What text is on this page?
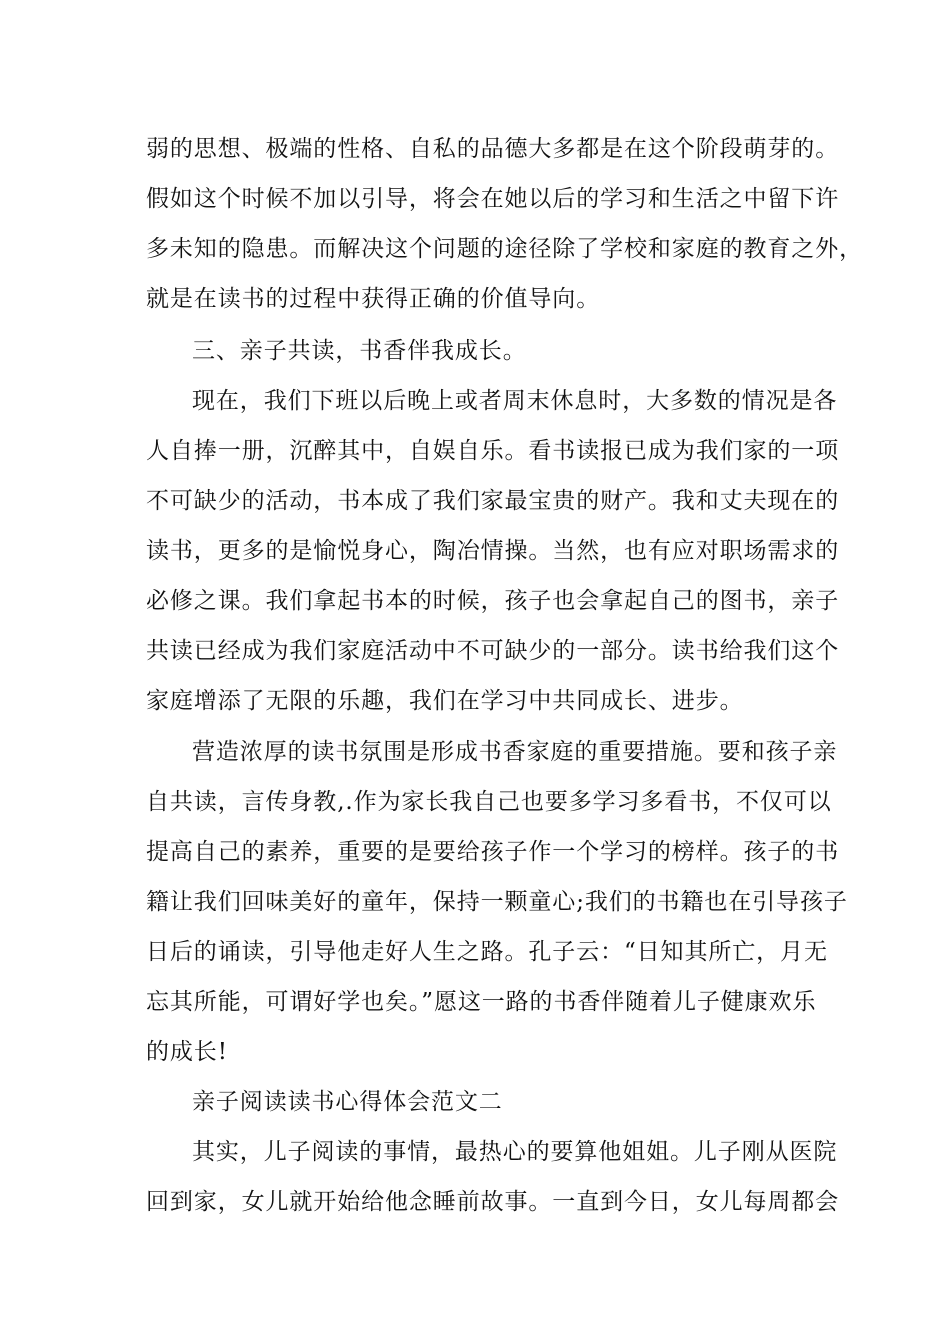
弱的思想、极端的性格、自私的品德大多都是在这个阶段萌芽的。
假如这个时候不加以引导，将会在她以后的学习和生活之中留下许
多未知的隐患。而解决这个问题的途径除了学校和家庭的教育之外，
就是在读书的过程中获得正确的价值导向。
三、亲子共读，书香伴我成长。
现在，我们下班以后晚上或者周末休息时，大多数的情况是各
人自捧一册，沉醉其中，自娱自乐。看书读报已成为我们家的一项
不可缺少的活动，书本成了我们家最宝贵的财产。我和丈夫现在的
读书，更多的是愉悦身心，陶冶情操。当然，也有应对职场需求的
必修之课。我们拿起书本的时候，孩子也会拿起自己的图书，亲子
共读已经成为我们家庭活动中不可缺少的一部分。读书给我们这个
家庭增添了无限的乐趣，我们在学习中共同成长、进步。
营造浓厚的读书氛围是形成书香家庭的重要措施。要和孩子亲
自共读，言传身教,.作为家长我自己也要多学习多看书，不仅可以
提高自己的素养，重要的是要给孩子作一个学习的榜样。孩子的书
籍让我们回味美好的童年，保持一颗童心;我们的书籍也在引导孩子
日后的诵读，引导他走好人生之路。孔子云：“日知其所亡，月无
忘其所能，可谓好学也矣。”愿这一路的书香伴随着儿子健康欢乐
的成长!
亲子阅读读书心得体会范文二
其实，儿子阅读的事情，最热心的要算他姐姐。儿子刚从医院
回到家，女儿就开始给他念睡前故事。一直到今日，女儿每周都会
